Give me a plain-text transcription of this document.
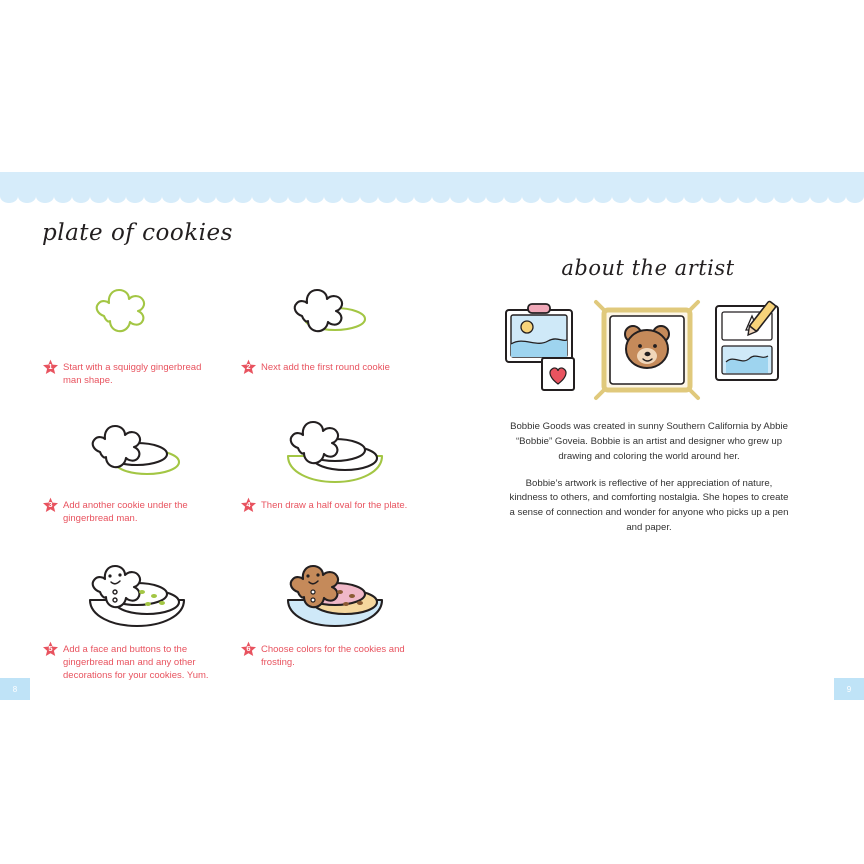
plate of cookies
1	Start with a squiggly gingerbread man shape.
2	Next add the first round cookie
3	Add another cookie under the gingerbread man.
4	Then draw a half oval for the plate.
5	Add a face and buttons to the gingerbread man and any other decorations for your cookies. Yum.
6	Choose colors for the cookies and frosting.
8
about the artist

Bobbie Goods was created in sunny Southern California by Abbie “Bobbie” Goveia. Bobbie is an artist and designer who grew up drawing and coloring the world around her.

Bobbie’s artwork is reflective of her appreciation of nature, kindness to others, and comforting nostalgia. She hopes to create a sense of connection and wonder for anyone who picks up a pen and paper.

9
